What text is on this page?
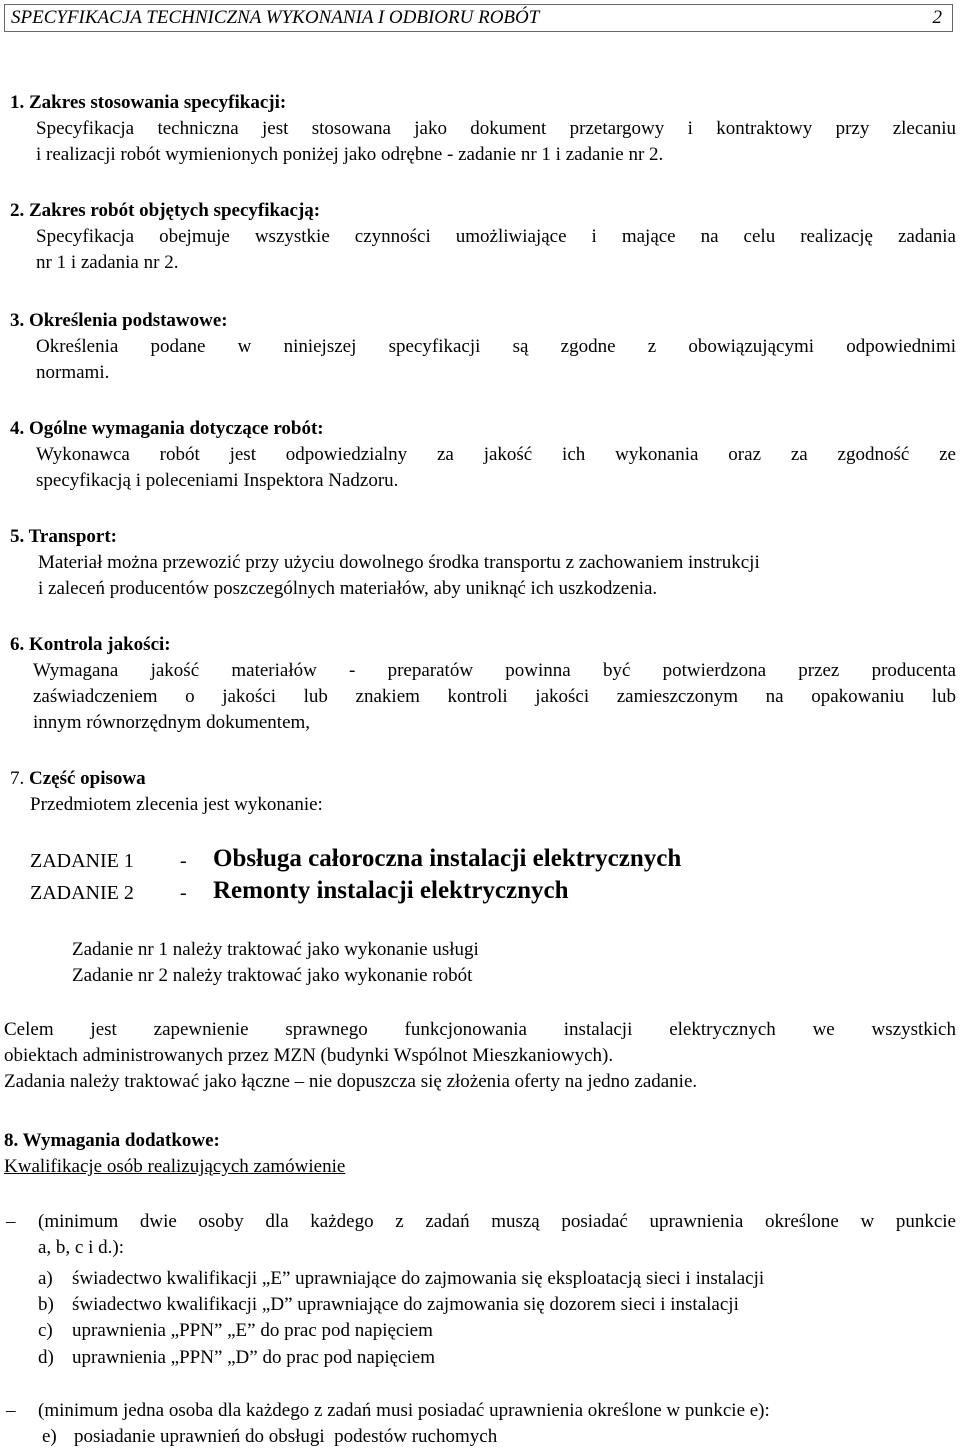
SPECYFIKACJA TECHNICZNA WYKONANIA I ODBIORU ROBÓT	2
1. Zakres stosowania specyfikacji:
Specyfikacja techniczna jest stosowana jako dokument przetargowy i kontraktowy przy zlecaniu
i realizacji robót wymienionych poniżej jako odrębne - zadanie nr 1 i zadanie nr 2.
2. Zakres robót objętych specyfikacją:
Specyfikacja obejmuje wszystkie czynności umożliwiające i mające na celu realizację zadania
nr 1 i zadania nr 2.
3. Określenia podstawowe:
Określenia podane w niniejszej specyfikacji są zgodne z obowiązującymi odpowiednimi
normami.
4. Ogólne wymagania dotyczące robót:
Wykonawca robót jest odpowiedzialny za jakość ich wykonania oraz za zgodność ze
specyfikacją i poleceniami Inspektora Nadzoru.
5. Transport:
Materiał można przewozić przy użyciu dowolnego środka transportu z zachowaniem instrukcji
i zaleceń producentów poszczególnych materiałów, aby uniknąć ich uszkodzenia.
6. Kontrola jakości:
Wymagana jakość materiałów - preparatów powinna być potwierdzona przez producenta
zaświadczeniem o jakości lub znakiem kontroli jakości zamieszczonym na opakowaniu lub
innym równorzędnym dokumentem,
7. Część opisowa
Przedmiotem zlecenia jest wykonanie:
ZADANIE 1 - Obsługa całoroczna instalacji elektrycznych
ZADANIE 2 - Remonty instalacji elektrycznych
Zadanie nr 1 należy traktować jako wykonanie usługi
Zadanie nr 2 należy traktować jako wykonanie robót
Celem jest zapewnienie sprawnego funkcjonowania instalacji elektrycznych we wszystkich
obiektach administrowanych przez MZN (budynki Wspólnot Mieszkaniowych).
Zadania należy traktować jako łączne – nie dopuszcza się złożenia oferty na jedno zadanie.
8. Wymagania dodatkowe:
Kwalifikacje osób realizujących zamówienie
– (minimum dwie osoby dla każdego z zadań muszą posiadać uprawnienia określone w punkcie
a, b, c i d.):
a) świadectwo kwalifikacji „E” uprawniające do zajmowania się eksploatacją sieci i instalacji
b) świadectwo kwalifikacji „D” uprawniające do zajmowania się dozorem sieci i instalacji
c) uprawnienia „PPN” „E” do prac pod napięciem
d) uprawnienia „PPN” „D” do prac pod napięciem
– (minimum jedna osoba dla każdego z zadań musi posiadać uprawnienia określone w punkcie e):
e) posiadanie uprawnień do obsługi  podestów ruchomych
